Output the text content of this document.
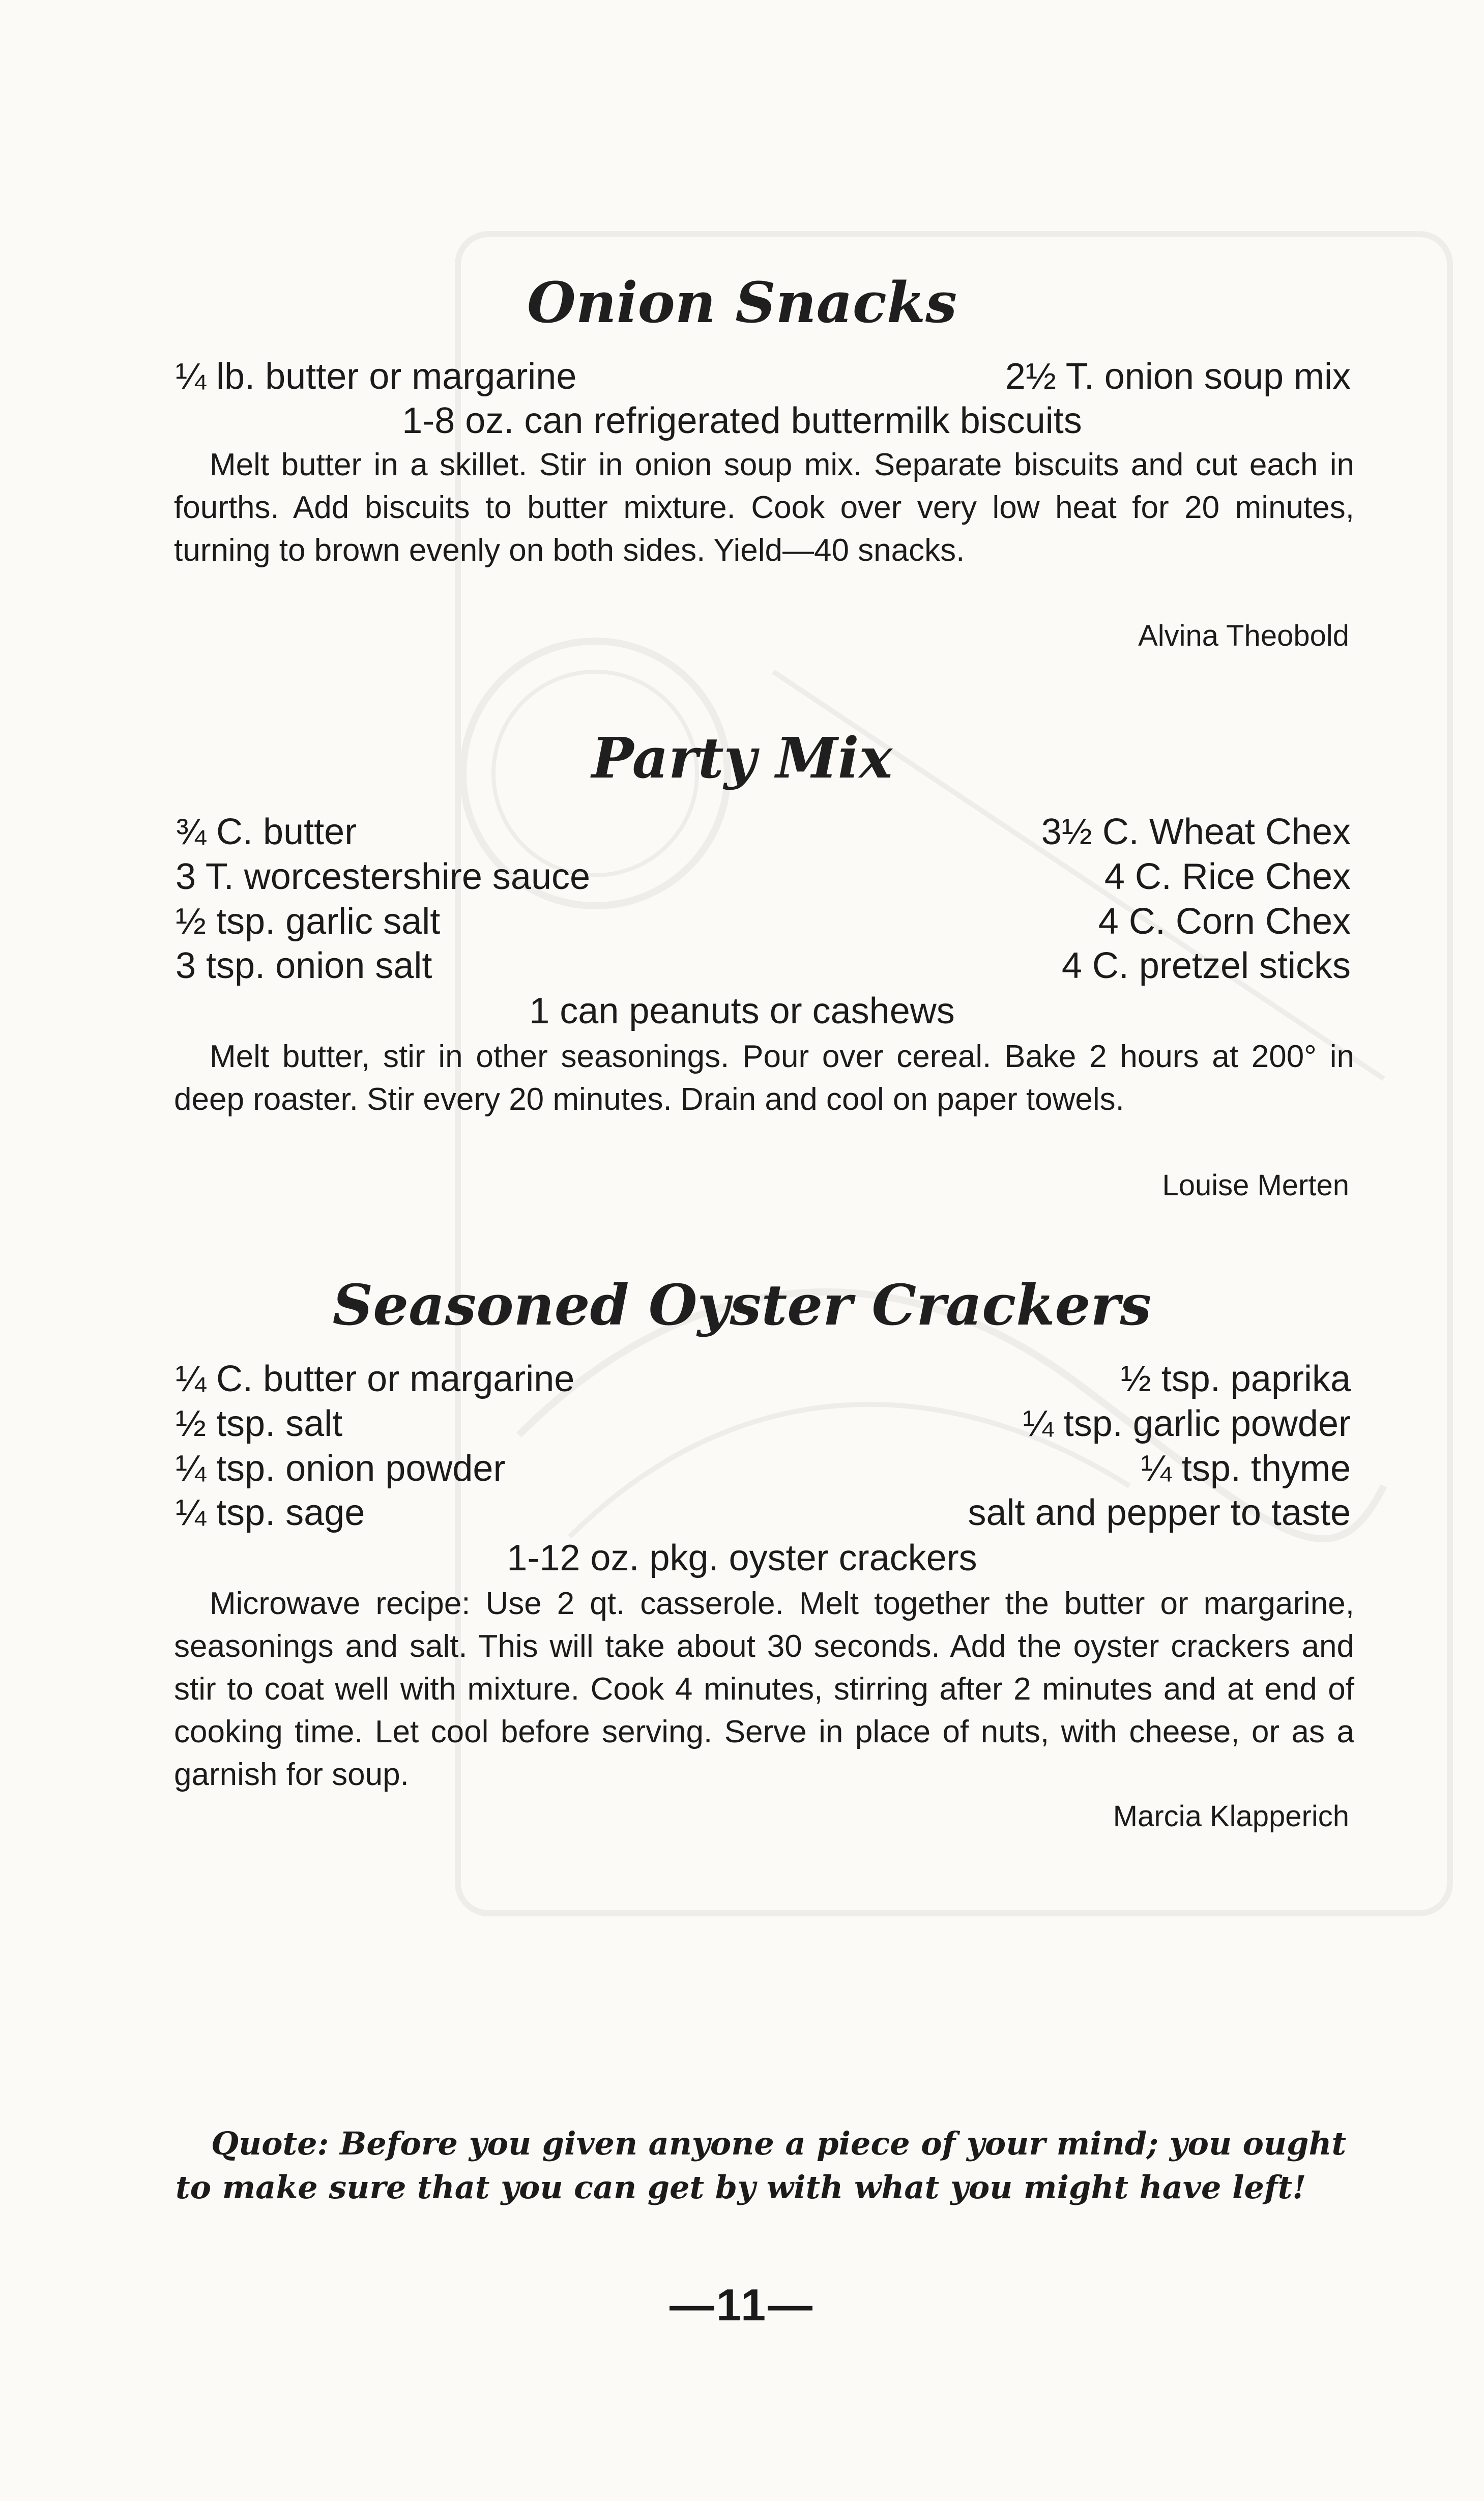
Onion Snacks
¼ lb. butter or margarine	2½ T. onion soup mix
1-8 oz. can refrigerated buttermilk biscuits

Melt butter in a skillet. Stir in onion soup mix. Separate biscuits and cut each in fourths. Add biscuits to butter mixture. Cook over very low heat for 20 minutes, turning to brown evenly on both sides. Yield—40 snacks.

Alvina Theobold
Party Mix
¾ C. butter	3½ C. Wheat Chex
3 T. worcestershire sauce	4 C. Rice Chex
½ tsp. garlic salt	4 C. Corn Chex
3 tsp. onion salt	4 C. pretzel sticks
1 can peanuts or cashews

Melt butter, stir in other seasonings. Pour over cereal. Bake 2 hours at 200° in deep roaster. Stir every 20 minutes. Drain and cool on paper towels.

Louise Merten
Seasoned Oyster Crackers
¼ C. butter or margarine	½ tsp. paprika
½ tsp. salt	¼ tsp. garlic powder
¼ tsp. onion powder	¼ tsp. thyme
¼ tsp. sage	salt and pepper to taste
1-12 oz. pkg. oyster crackers

Microwave recipe: Use 2 qt. casserole. Melt together the butter or margarine, seasonings and salt. This will take about 30 seconds. Add the oyster crackers and stir to coat well with mixture. Cook 4 minutes, stirring after 2 minutes and at end of cooking time. Let cool before serving. Serve in place of nuts, with cheese, or as a garnish for soup.

Marcia Klapperich

Quote: Before you given anyone a piece of your mind; you ought to make sure that you can get by with what you might have left!

—11—
